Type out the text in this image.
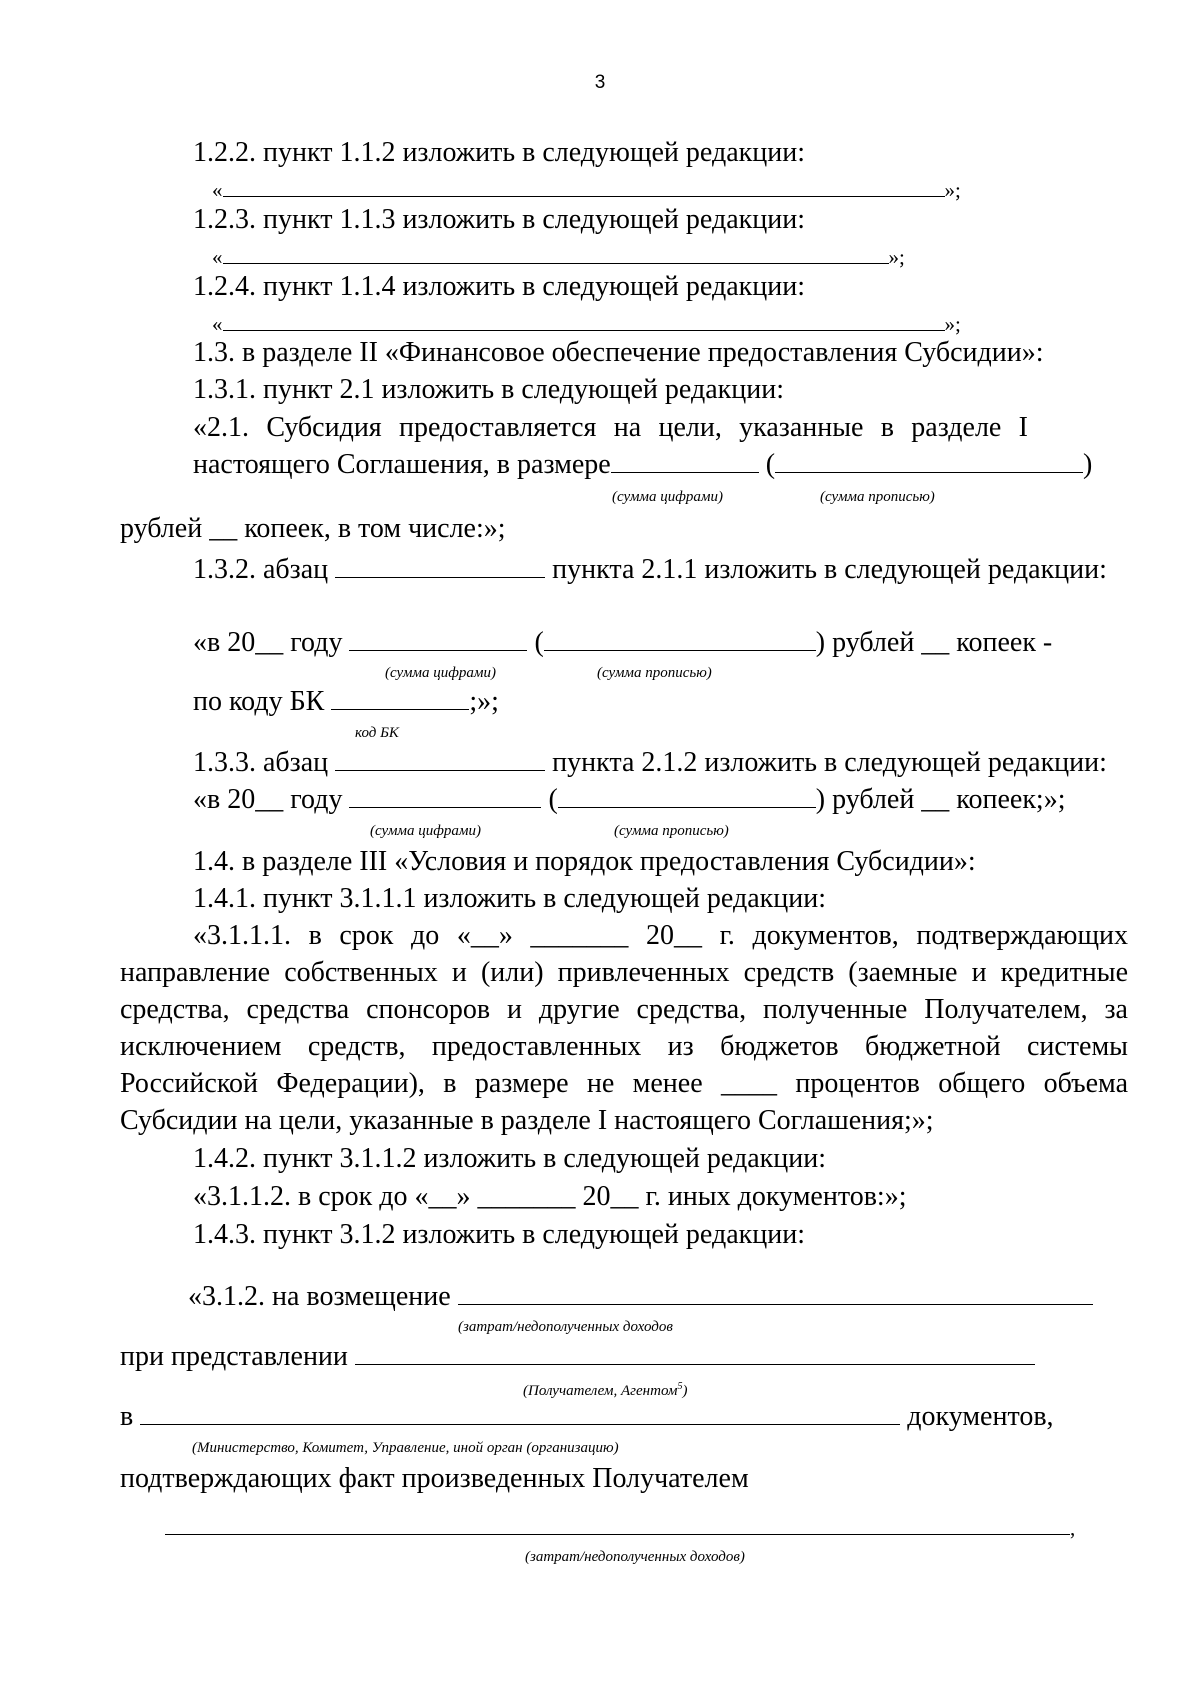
3
1.2.2. пункт 1.1.2 изложить в следующей редакции:
«	»;
1.2.3. пункт 1.1.3 изложить в следующей редакции:
«	»;
1.2.4. пункт 1.1.4 изложить в следующей редакции:
«	»;
1.3. в разделе II «Финансовое обеспечение предоставления Субсидии»:
1.3.1. пункт 2.1 изложить в следующей редакции:
«2.1. Субсидия предоставляется на цели, указанные в разделе I
настоящего Соглашения, в размере	(	)
(сумма цифрами)	(сумма прописью)
рублей __ копеек, в том числе:»;
1.3.2. абзац	пункта 2.1.1 изложить в следующей редакции:
«в 20__ году	(	) рублей __ копеек -
(сумма цифрами)	(сумма прописью)
по коду БК	;»;
код БК
1.3.3. абзац	пункта 2.1.2 изложить в следующей редакции:
«в 20__ году	(	) рублей __ копеек;»;
(сумма цифрами)	(сумма прописью)
1.4. в разделе III «Условия и порядок предоставления Субсидии»:
1.4.1. пункт 3.1.1.1 изложить в следующей редакции:
«3.1.1.1. в срок до «__» _______ 20__ г. документов, подтверждающих
направление собственных и (или) привлеченных средств (заемные и кредитные
средства, средства спонсоров и другие средства, полученные Получателем, за
исключением средств, предоставленных из бюджетов бюджетной системы
Российской Федерации), в размере не менее ____ процентов общего объема
Субсидии на цели, указанные в разделе I настоящего Соглашения;»;
1.4.2. пункт 3.1.1.2 изложить в следующей редакции:
«3.1.1.2. в срок до «__» _______ 20__ г. иных документов:»;
1.4.3. пункт 3.1.2 изложить в следующей редакции:
«3.1.2. на возмещение
(затрат/недополученных доходов
при представлении
(Получателем, Агентом$^5$)
в	документов,
(Министерство, Комитет, Управление, иной орган (организацию)
подтверждающих факт произведенных Получателем
,
(затрат/недополученных доходов)
